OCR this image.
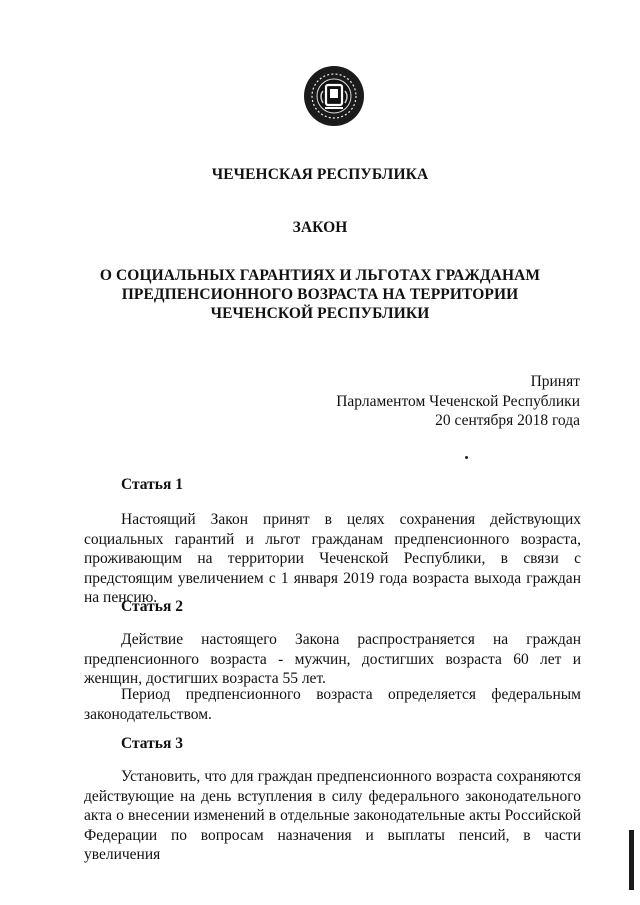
ЧЕЧЕНСКАЯ РЕСПУБЛИКА
ЗАКОН
О СОЦИАЛЬНЫХ ГАРАНТИЯХ И ЛЬГОТАХ ГРАЖДАНАМ
ПРЕДПЕНСИОННОГО ВОЗРАСТА НА ТЕРРИТОРИИ
ЧЕЧЕНСКОЙ РЕСПУБЛИКИ
Принят
Парламентом Чеченской Республики
20 сентября 2018 года
Статья 1
Настоящий Закон принят в целях сохранения действующих социальных гарантий и льгот гражданам предпенсионного возраста, проживающим на территории Чеченской Республики, в связи с предстоящим увеличением с 1 января 2019 года возраста выхода граждан на пенсию.
Статья 2
Действие настоящего Закона распространяется на граждан предпенсионного возраста - мужчин, достигших возраста 60 лет и женщин, достигших возраста 55 лет.
Период предпенсионного возраста определяется федеральным законодательством.
Статья 3
Установить, что для граждан предпенсионного возраста сохраняются действующие на день вступления в силу федерального законодательного акта о внесении изменений в отдельные законодательные акты Российской Федерации по вопросам назначения и выплаты пенсий, в части увеличения
